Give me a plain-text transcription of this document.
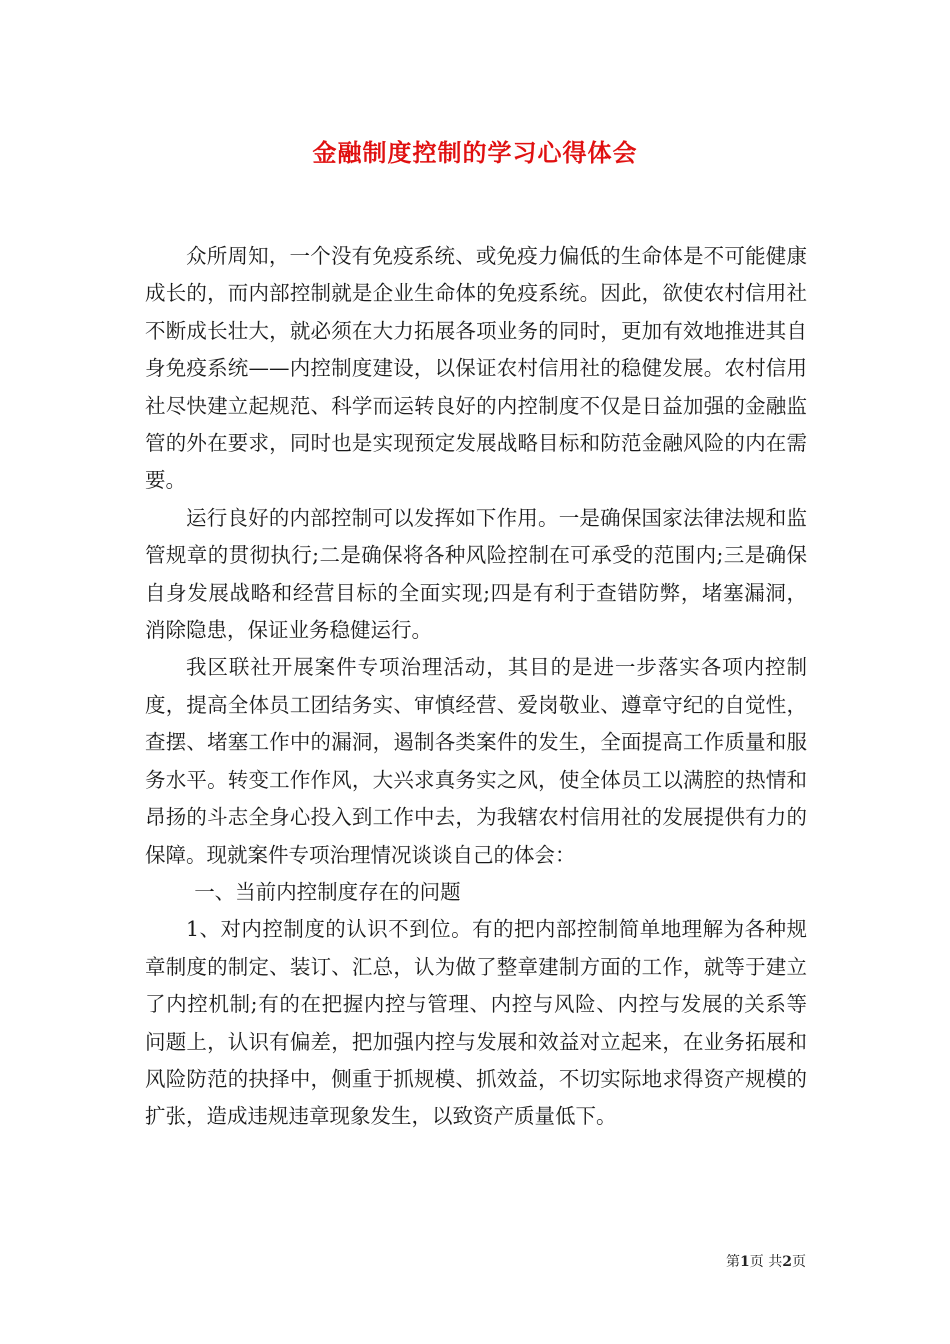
金融制度控制的学习心得体会

众所周知，一个没有免疫系统、或免疫力偏低的生命体是不可能健康成长的，而内部控制就是企业生命体的免疫系统。因此，欲使农村信用社不断成长壮大，就必须在大力拓展各项业务的同时，更加有效地推进其自身免疫系统——内控制度建设，以保证农村信用社的稳健发展。农村信用社尽快建立起规范、科学而运转良好的内控制度不仅是日益加强的金融监管的外在要求，同时也是实现预定发展战略目标和防范金融风险的内在需要。

运行良好的内部控制可以发挥如下作用。一是确保国家法律法规和监管规章的贯彻执行;二是确保将各种风险控制在可承受的范围内;三是确保自身发展战略和经营目标的全面实现;四是有利于查错防弊，堵塞漏洞，消除隐患，保证业务稳健运行。

我区联社开展案件专项治理活动，其目的是进一步落实各项内控制度，提高全体员工团结务实、审慎经营、爱岗敬业、遵章守纪的自觉性，查摆、堵塞工作中的漏洞，遏制各类案件的发生，全面提高工作质量和服务水平。转变工作作风，大兴求真务实之风，使全体员工以满腔的热情和昂扬的斗志全身心投入到工作中去，为我辖农村信用社的发展提供有力的保障。现就案件专项治理情况谈谈自己的体会：

一、当前内控制度存在的问题

1、对内控制度的认识不到位。有的把内部控制简单地理解为各种规章制度的制定、装订、汇总，认为做了整章建制方面的工作，就等于建立了内控机制;有的在把握内控与管理、内控与风险、内控与发展的关系等问题上，认识有偏差，把加强内控与发展和效益对立起来，在业务拓展和风险防范的抉择中，侧重于抓规模、抓效益，不切实际地求得资产规模的扩张，造成违规违章现象发生，以致资产质量低下。

第1页 共2页
